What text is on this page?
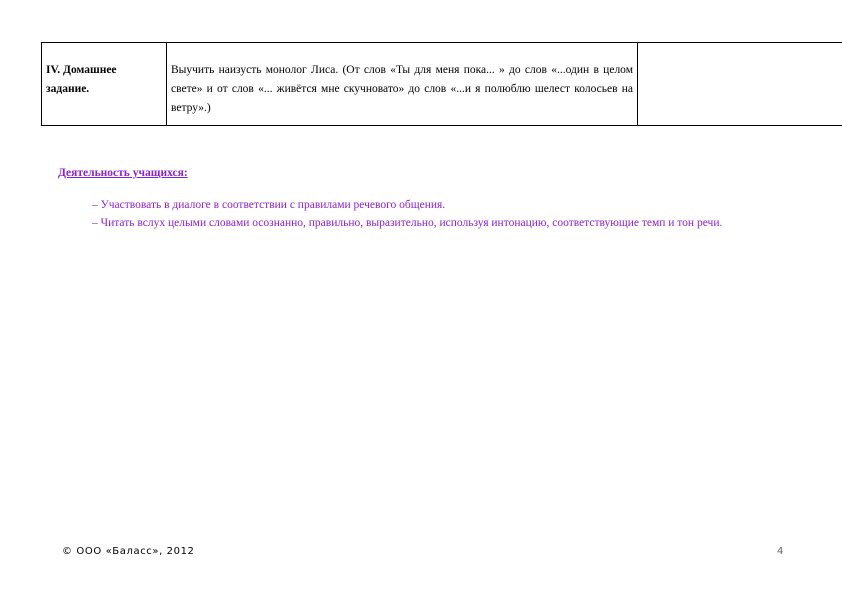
IV. Домашнее задание.	Выучить наизусть монолог Лиса. (От слов «Ты для меня пока... » до слов «...один в целом свете» и от слов «... живётся мне скучновато» до слов «...и я полюблю шелест колосьев на ветру».)	
Деятельность учащихся:

– Участвовать в диалоге в соответствии с правилами речевого общения.

– Читать вслух целыми словами осознанно, правильно, выразительно, используя интонацию, соответствующие темп и тон речи.

© ООО «Баласс», 2012	4
